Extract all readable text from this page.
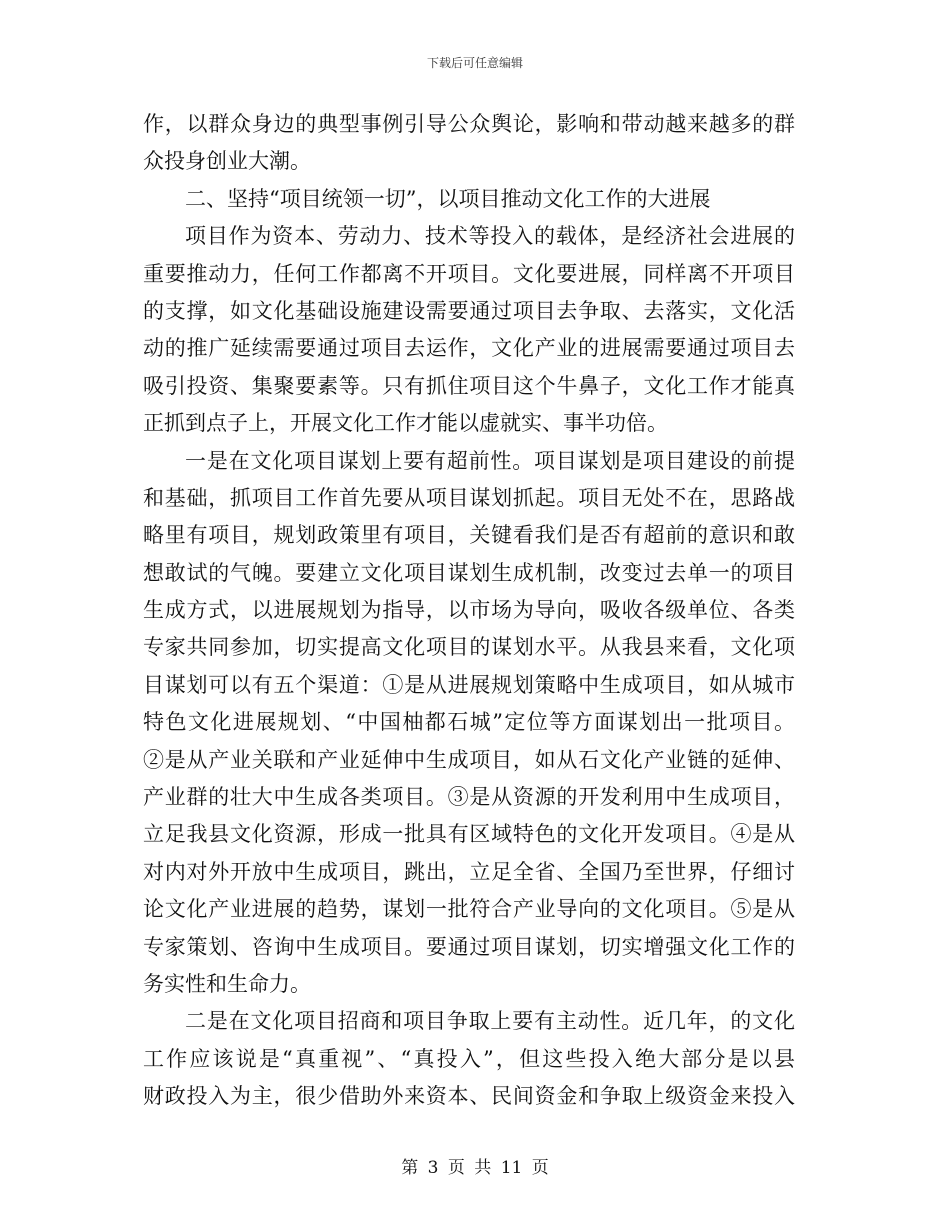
下载后可任意编辑
作，以群众身边的典型事例引导公众舆论，影响和带动越来越多的群
众投身创业大潮。
二、坚持“项目统领一切”，以项目推动文化工作的大进展
项目作为资本、劳动力、技术等投入的载体，是经济社会进展的
重要推动力，任何工作都离不开项目。文化要进展，同样离不开项目
的支撑，如文化基础设施建设需要通过项目去争取、去落实，文化活
动的推广延续需要通过项目去运作，文化产业的进展需要通过项目去
吸引投资、集聚要素等。只有抓住项目这个牛鼻子，文化工作才能真
正抓到点子上，开展文化工作才能以虚就实、事半功倍。
一是在文化项目谋划上要有超前性。项目谋划是项目建设的前提
和基础，抓项目工作首先要从项目谋划抓起。项目无处不在，思路战
略里有项目，规划政策里有项目，关键看我们是否有超前的意识和敢
想敢试的气魄。要建立文化项目谋划生成机制，改变过去单一的项目
生成方式，以进展规划为指导，以市场为导向，吸收各级单位、各类
专家共同参加，切实提高文化项目的谋划水平。从我县来看，文化项
目谋划可以有五个渠道：①是从进展规划策略中生成项目，如从城市
特色文化进展规划、“中国柚都石城”定位等方面谋划出一批项目。
②是从产业关联和产业延伸中生成项目，如从石文化产业链的延伸、
产业群的壮大中生成各类项目。③是从资源的开发利用中生成项目，
立足我县文化资源，形成一批具有区域特色的文化开发项目。④是从
对内对外开放中生成项目，跳出，立足全省、全国乃至世界，仔细讨
论文化产业进展的趋势，谋划一批符合产业导向的文化项目。⑤是从
专家策划、咨询中生成项目。要通过项目谋划，切实增强文化工作的
务实性和生命力。
二是在文化项目招商和项目争取上要有主动性。近几年，的文化
工作应该说是“真重视”、“真投入”，但这些投入绝大部分是以县
财政投入为主，很少借助外来资本、民间资金和争取上级资金来投入
第 3 页 共 11 页
